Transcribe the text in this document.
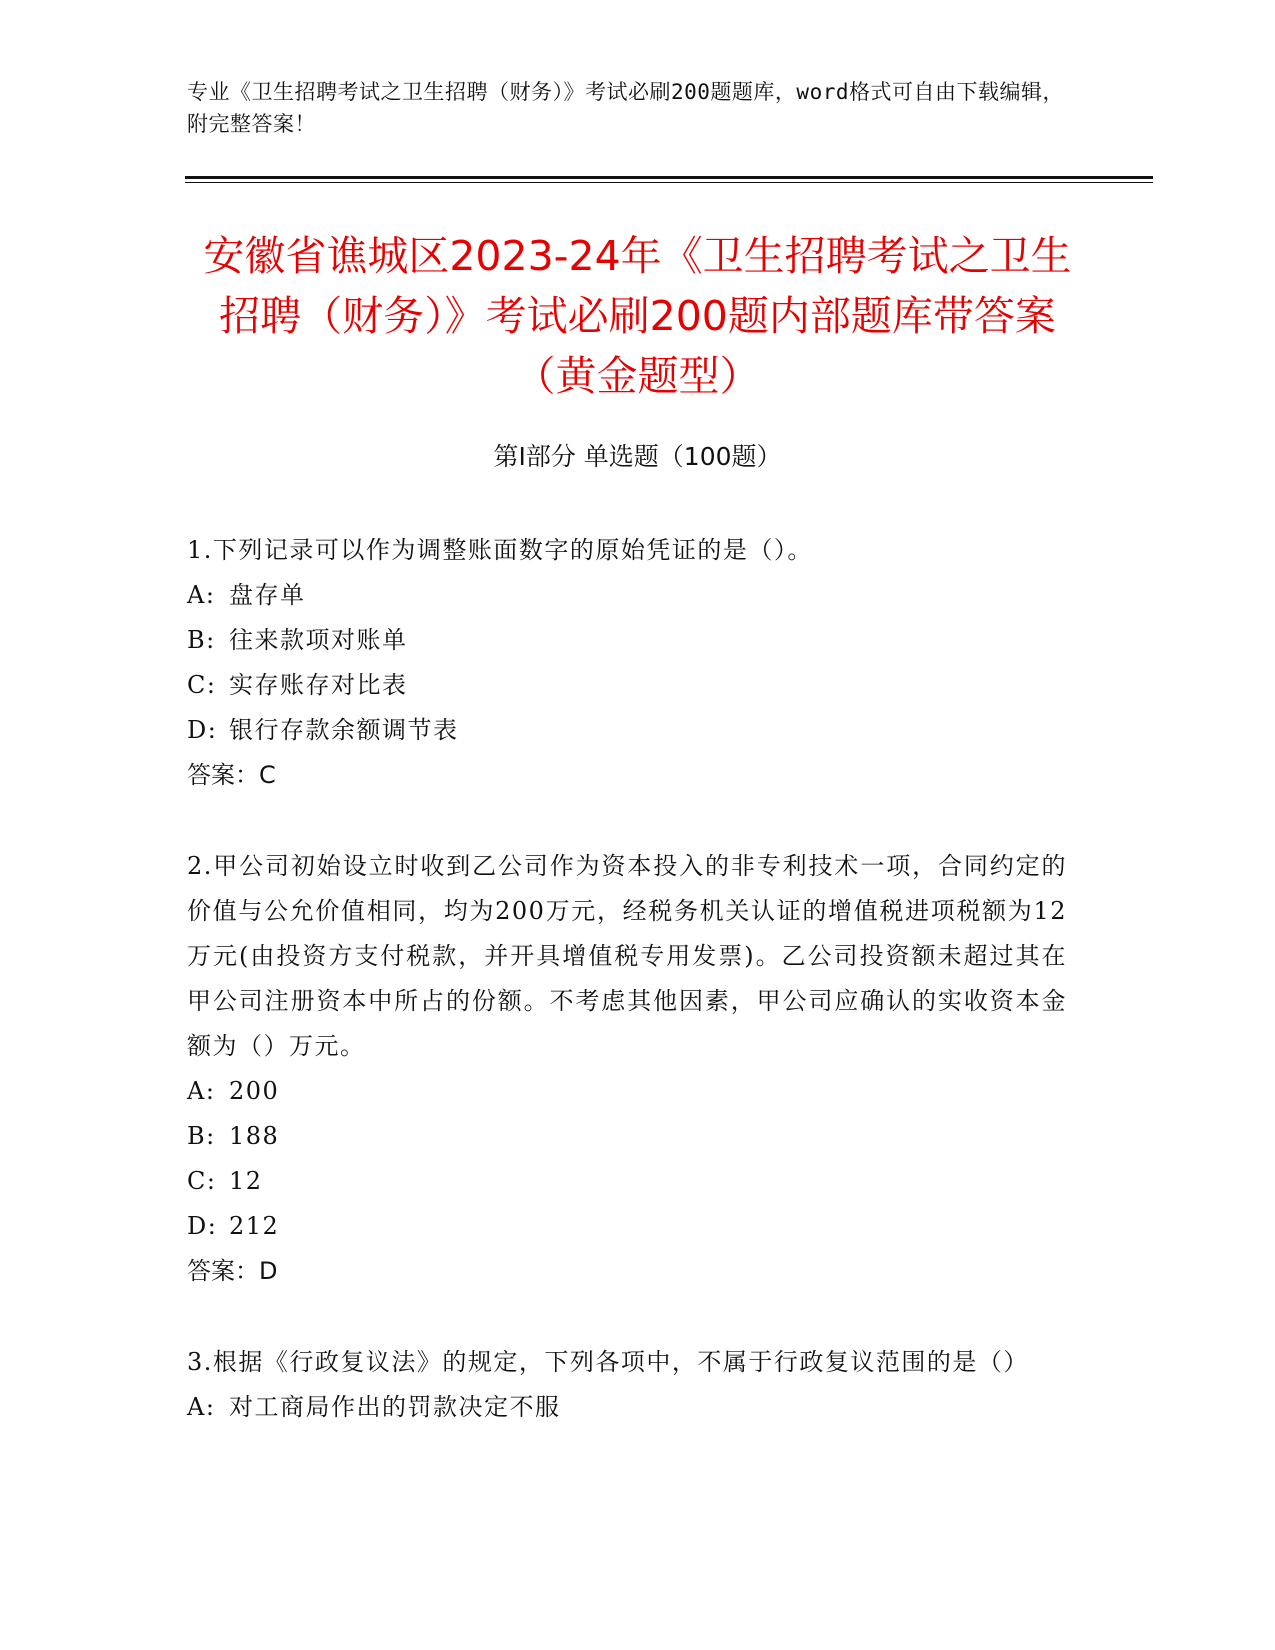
专业《卫生招聘考试之卫生招聘（财务）》考试必刷200题题库，word格式可自由下载编辑，附完整答案！
安徽省谯城区2023-24年《卫生招聘考试之卫生招聘（财务）》考试必刷200题内部题库带答案（黄金题型）
第Ⅰ部分 单选题（100题）

1.下列记录可以作为调整账面数字的原始凭证的是（）。

A: 盘存单

B: 往来款项对账单

C: 实存账存对比表

D: 银行存款余额调节表

答案：C

2.甲公司初始设立时收到乙公司作为资本投入的非专利技术一项，合同约定的价值与公允价值相同，均为200万元，经税务机关认证的增值税进项税额为12万元(由投资方支付税款，并开具增值税专用发票)。乙公司投资额未超过其在甲公司注册资本中所占的份额。不考虑其他因素，甲公司应确认的实收资本金额为（）万元。

A: 200

B: 188

C: 12

D: 212

答案：D

3.根据《行政复议法》的规定，下列各项中，不属于行政复议范围的是（）

A: 对工商局作出的罚款决定不服
